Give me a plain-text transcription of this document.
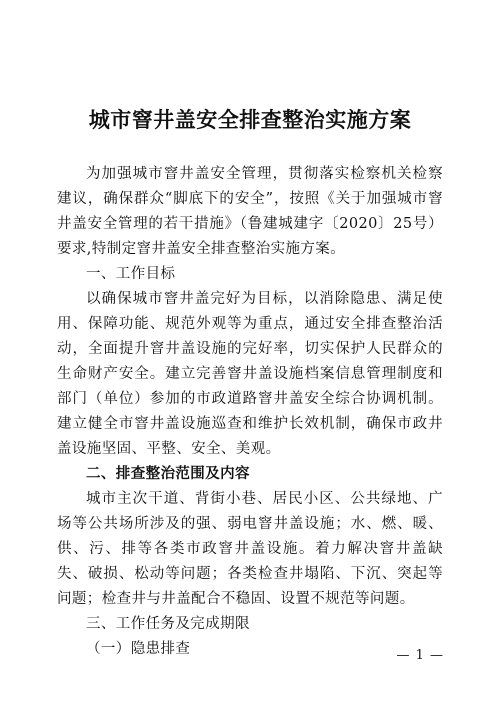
城市窨井盖安全排查整治实施方案

为加强城市窨井盖安全管理，贯彻落实检察机关检察建议，确保群众“脚底下的安全”，按照《关于加强城市窨井盖安全管理的若干措施》（鲁建城建字〔2020〕25号）要求,特制定窨井盖安全排查整治实施方案。

一、工作目标

以确保城市窨井盖完好为目标，以消除隐患、满足使用、保障功能、规范外观等为重点，通过安全排查整治活动，全面提升窨井盖设施的完好率，切实保护人民群众的生命财产安全。建立完善窨井盖设施档案信息管理制度和部门（单位）参加的市政道路窨井盖安全综合协调机制。建立健全市窨井盖设施巡查和维护长效机制，确保市政井盖设施坚固、平整、安全、美观。

二、排查整治范围及内容

城市主次干道、背街小巷、居民小区、公共绿地、广场等公共场所涉及的强、弱电窨井盖设施；水、燃、暖、供、污、排等各类市政窨井盖设施。着力解决窨井盖缺失、破损、松动等问题；各类检查井塌陷、下沉、突起等问题；检查井与井盖配合不稳固、设置不规范等问题。

三、工作任务及完成期限

（一）隐患排查	— 1 —
